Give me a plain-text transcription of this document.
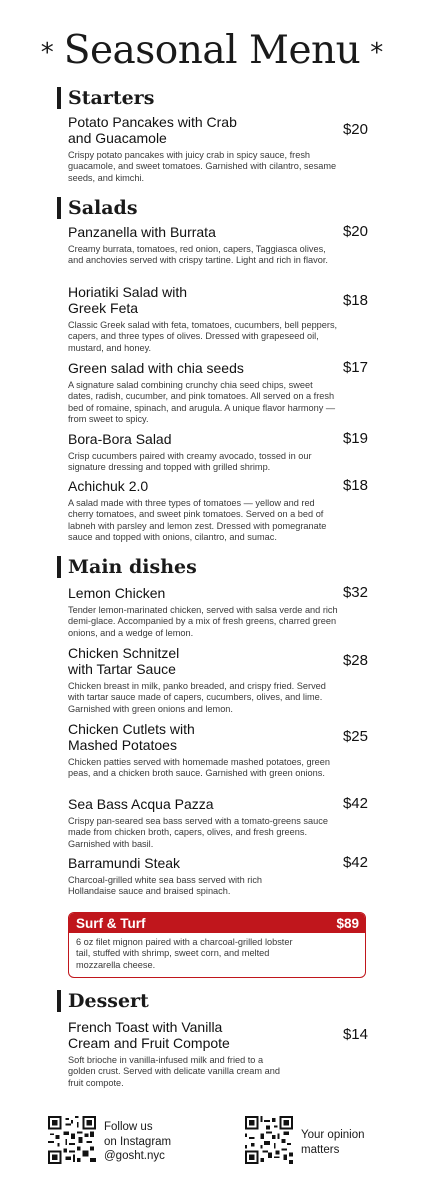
* Seasonal Menu *
Starters
Potato Pancakes with Crab and Guacamole	$20
Crispy potato pancakes with juicy crab in spicy sauce, fresh guacamole, and sweet tomatoes. Garnished with cilantro, sesame seeds, and kimchi.
Salads
Panzanella with Burrata	$20
Creamy burrata, tomatoes, red onion, capers, Taggiasca olives, and anchovies served with crispy tartine. Light and rich in flavor.
Horiatiki Salad with Greek Feta	$18
Classic Greek salad with feta, tomatoes, cucumbers, bell peppers, capers, and three types of olives. Dressed with grapeseed oil, mustard, and honey.
Green salad with chia seeds	$17
A signature salad combining crunchy chia seed chips, sweet dates, radish, cucumber, and pink tomatoes. All served on a fresh bed of romaine, spinach, and arugula. A unique flavor harmony — from sweet to spicy.
Bora-Bora Salad	$19
Crisp cucumbers paired with creamy avocado, tossed in our signature dressing and topped with grilled shrimp.
Achichuk 2.0	$18
A salad made with three types of tomatoes — yellow and red cherry tomatoes, and sweet pink tomatoes. Served on a bed of labneh with parsley and lemon zest. Dressed with pomegranate sauce and topped with onions, cilantro, and sumac.
Main dishes
Lemon Chicken	$32
Tender lemon-marinated chicken, served with salsa verde and rich demi-glace. Accompanied by a mix of fresh greens, charred green onions, and a wedge of lemon.
Chicken Schnitzel with Tartar Sauce	$28
Chicken breast in milk, panko breaded, and crispy fried. Served with tartar sauce made of capers, cucumbers, olives, and lime. Garnished with green onions and lemon.
Chicken Cutlets with Mashed Potatoes	$25
Chicken patties served with homemade mashed potatoes, green peas, and a chicken broth sauce. Garnished with green onions.
Sea Bass Acqua Pazza	$42
Crispy pan-seared sea bass served with a tomato-greens sauce made from chicken broth, capers, olives, and fresh greens. Garnished with basil.
Barramundi Steak	$42
Charcoal-grilled white sea bass served with rich Hollandaise sauce and braised spinach.
Surf & Turf	$89
6 oz filet mignon paired with a charcoal-grilled lobster tail, stuffed with shrimp, sweet corn, and melted mozzarella cheese.
Dessert
French Toast with Vanilla Cream and Fruit Compote	$14
Soft brioche in vanilla-infused milk and fried to a golden crust. Served with delicate vanilla cream and fruit compote.
Follow us
on Instagram
@gosht.nyc
Your opinion
matters
